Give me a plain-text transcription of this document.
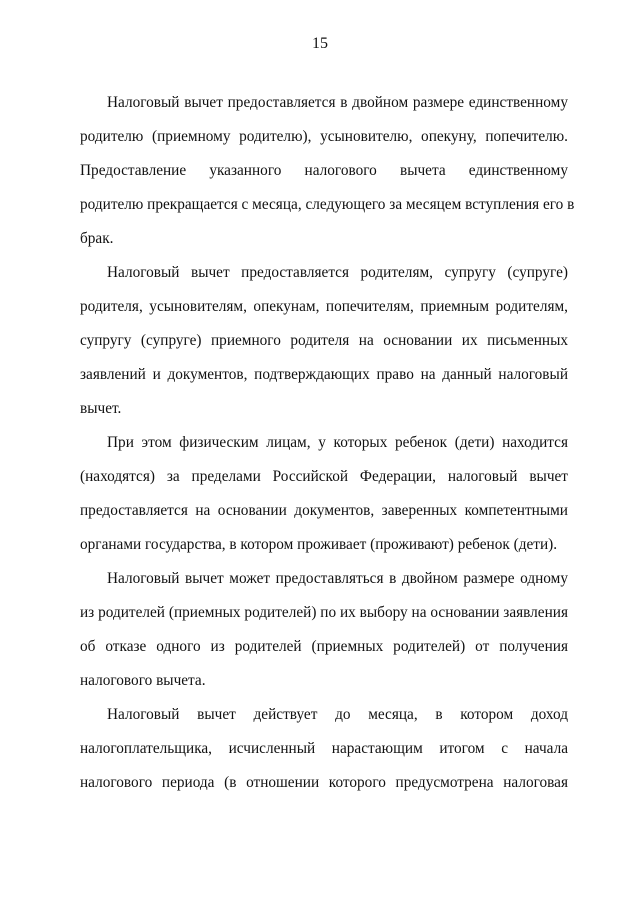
15
Налоговый вычет предоставляется в двойном размере единственному
родителю (приемному родителю), усыновителю, опекуну, попечителю.
Предоставление указанного налогового вычета единственному
родителю прекращается с месяца, следующего за месяцем вступления его в
брак.
Налоговый вычет предоставляется родителям, супругу (супруге)
родителя, усыновителям, опекунам, попечителям, приемным родителям,
супругу (супруге) приемного родителя на основании их письменных
заявлений и документов, подтверждающих право на данный налоговый
вычет.
При этом физическим лицам, у которых ребенок (дети) находится
(находятся) за пределами Российской Федерации, налоговый вычет
предоставляется на основании документов, заверенных компетентными
органами государства, в котором проживает (проживают) ребенок (дети).
Налоговый вычет может предоставляться в двойном размере одному
из родителей (приемных родителей) по их выбору на основании заявления
об отказе одного из родителей (приемных родителей) от получения
налогового вычета.
Налоговый вычет действует до месяца, в котором доход
налогоплательщика, исчисленный нарастающим итогом с начала
налогового периода (в отношении которого предусмотрена налоговая
